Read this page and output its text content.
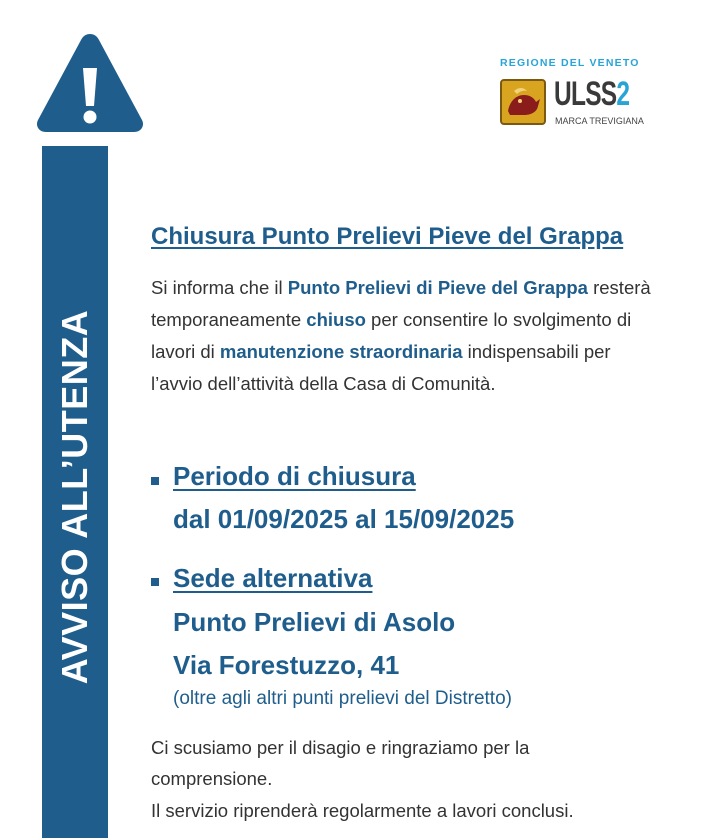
AVVISO ALL’UTENZA
REGIONE DEL VENETO
ULSS2
MARCA TREVIGIANA
Chiusura Punto Prelievi Pieve del Grappa
Si informa che il Punto Prelievi di Pieve del Grappa resterà temporaneamente chiuso per consentire lo svolgimento di lavori di manutenzione straordinaria indispensabili per l’avvio dell’attività della Casa di Comunità.
Periodo di chiusura
dal 01/09/2025 al 15/09/2025
Sede alternativa
Punto Prelievi di Asolo
Via Forestuzzo, 41
(oltre agli altri punti prelievi del Distretto)
Ci scusiamo per il disagio e ringraziamo per la
comprensione.
Il servizio riprenderà regolarmente a lavori conclusi.
